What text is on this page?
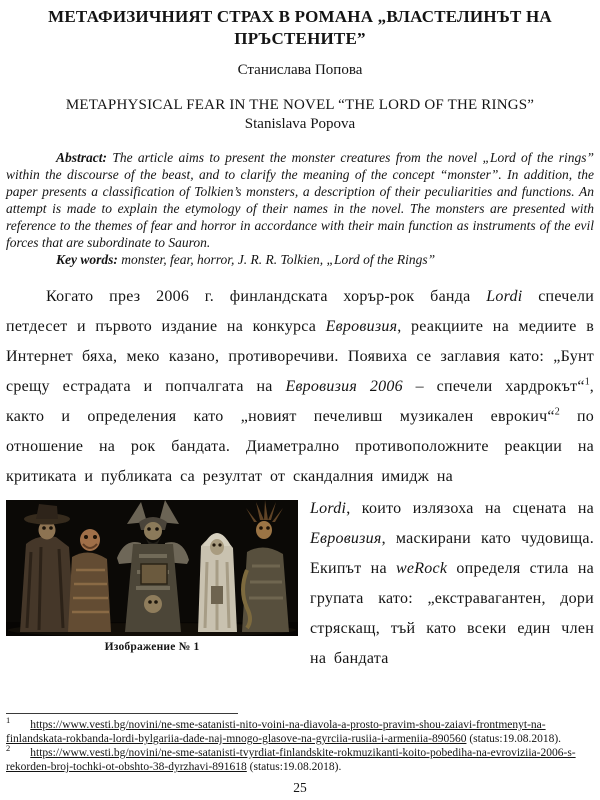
МЕТАФИЗИЧНИЯТ СТРАХ В РОМАНА „ВЛАСТЕЛИНЪТ НА ПРЪСТЕНИТЕ”
Станислава Попова
METAPHYSICAL FEAR IN THE NOVEL “THE LORD OF THE RINGS”
Stanislava Popova

Abstract: The article aims to present the monster creatures from the novel „Lord of the rings” within the discourse of the beast, and to clarify the meaning of the concept “monster”. In addition, the paper presents a classification of Tolkien’s monsters, a description of their peculiarities and functions. An attempt is made to explain the etymology of their names in the novel. The monsters are presented with reference to the themes of fear and horror in accordance with their main function as instruments of the evil forces that are subordinate to Sauron.

Key words: monster, fear, horror, J. R. R. Tolkien, „Lord of the Rings”

Когато през 2006 г. финландската хорър-рок банда Lordi спечели петдесет и първото издание на конкурса Евровизия, реакциите на медиите в Интернет бяха, меко казано, противоречиви. Появиха се заглавия като: „Бунт срещу естрадата и попчалгата на Евровизия 2006 – спечели хардрокът“$^1$, както и определения като „новият печеливш музикален еврокич“$^2$ по отношение на рок бандата. Диаметрално противоположните реакции на критиката и публиката са резултат от скандалния имидж на

Изображение № 1

Lordi, които излязоха на сцената на Евровизия, маскирани като чудовища. Екипът на weRock определя стила на групата като: „екстравагантен, дори стряскащ, тъй като всеки един член на бандата

$^1$ https://www.vesti.bg/novini/ne-sme-satanisti-nito-voini-na-diavola-a-prosto-pravim-shou-zaiavi-frontmenyt-na-finlandskata-rokbanda-lordi-bylgariia-dade-naj-mnogo-glasove-na-gyrciia-rusiia-i-armeniia-890560 (status:19.08.2018).

$^2$ https://www.vesti.bg/novini/ne-sme-satanisti-tvyrdiat-finlandskite-rokmuzikanti-koito-pobediha-na-evroviziia-2006-s-rekorden-broj-tochki-ot-obshto-38-dyrzhavi-891618 (status:19.08.2018).

25
